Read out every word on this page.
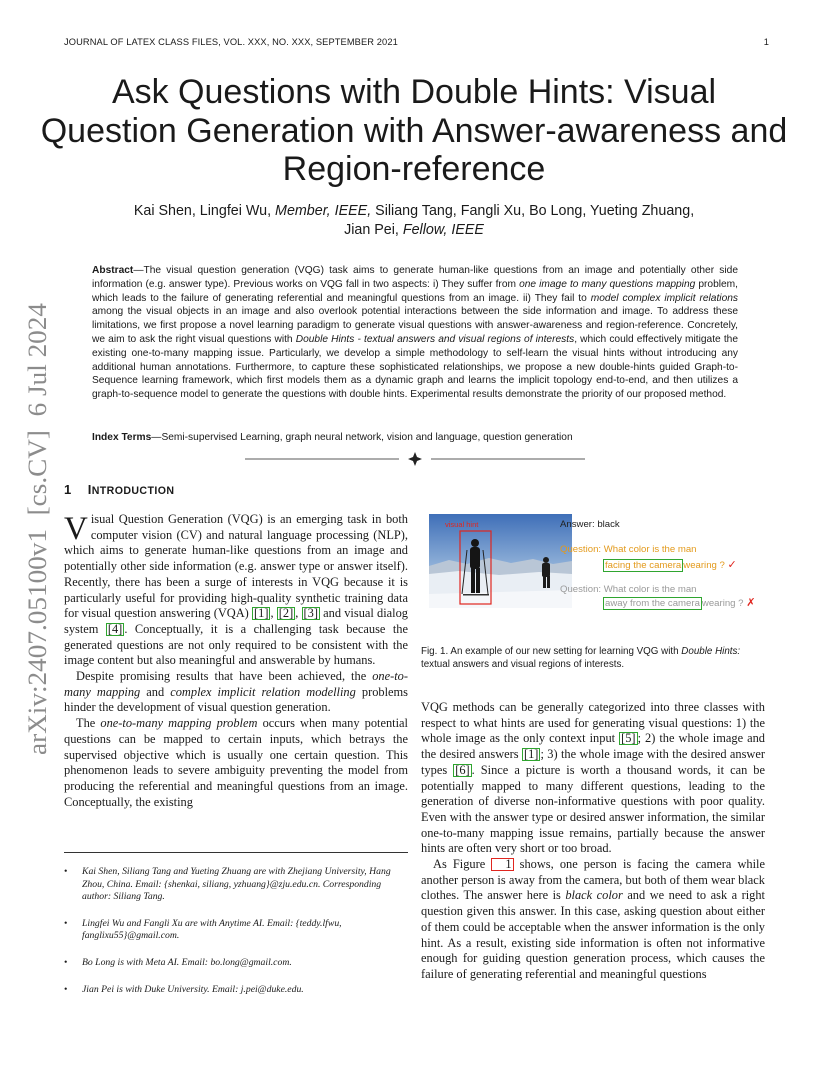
JOURNAL OF LATEX CLASS FILES, VOL. XXX, NO. XXX, SEPTEMBER 2021	1
Ask Questions with Double Hints: Visual Question Generation with Answer-awareness and Region-reference
Kai Shen, Lingfei Wu, Member, IEEE, Siliang Tang, Fangli Xu, Bo Long, Yueting Zhuang,
Jian Pei, Fellow, IEEE
Abstract—The visual question generation (VQG) task aims to generate human-like questions from an image and potentially other side information (e.g. answer type). Previous works on VQG fall in two aspects: i) They suffer from one image to many questions mapping problem, which leads to the failure of generating referential and meaningful questions from an image. ii) They fail to model complex implicit relations among the visual objects in an image and also overlook potential interactions between the side information and image. To address these limitations, we first propose a novel learning paradigm to generate visual questions with answer-awareness and region-reference. Concretely, we aim to ask the right visual questions with Double Hints - textual answers and visual regions of interests, which could effectively mitigate the existing one-to-many mapping issue. Particularly, we develop a simple methodology to self-learn the visual hints without introducing any additional human annotations. Furthermore, to capture these sophisticated relationships, we propose a new double-hints guided Graph-to-Sequence learning framework, which first models them as a dynamic graph and learns the implicit topology end-to-end, and then utilizes a graph-to-sequence model to generate the questions with double hints. Experimental results demonstrate the priority of our proposed method.
Index Terms—Semi-supervised Learning, graph neural network, vision and language, question generation
arXiv:2407.05100v1  [cs.CV]  6 Jul 2024 1 INTRODUCTION

Visual Question Generation (VQG) is an emerging task in both computer vision (CV) and natural language processing (NLP), which aims to generate human-like questions from an image and potentially other side information (e.g. answer type or answer itself). Recently, there has been a surge of interests in VQG because it is particularly useful for providing high-quality synthetic training data for visual question answering (VQA) [1] , [2] , [3] and visual dialog system [4] . Conceptually, it is a challenging task because the generated questions are not only required to be consistent with the image content but also meaningful and answerable by humans.

Despite promising results that have been achieved, the one-to-many mapping and complex implicit relation modelling problems hinder the development of visual question generation.

The one-to-many mapping problem occurs when many potential questions can be mapped to certain inputs, which betrays the supervised objective which is usually one certain question. This phenomenon leads to severe ambiguity preventing the model from producing the referential and meaningful questions from an image. Conceptually, the existing

• Kai Shen, Siliang Tang and Yueting Zhuang are with Zhejiang University, Hang Zhou, China. Email: {shenkai, siliang, yzhuang}@zju.edu.cn. Corresponding author: Siliang Tang.
• Lingfei Wu and Fangli Xu are with Anytime AI. Email: {teddy.lfwu, fanglixu55}@gmail.com.
• Bo Long is with Meta AI. Email: bo.long@gmail.com.
• Jian Pei is with Duke University. Email: j.pei@duke.edu.
visual hint	Answer: black
Question: What color is the man
facing the camera wearing ? ✓
Question: What color is the man
away from the camera wearing ? ✗
Fig. 1. An example of our new setting for learning VQG with Double Hints: textual answers and visual regions of interests.

VQG methods can be generally categorized into three classes with respect to what hints are used for generating visual questions: 1) the whole image as the only context input [5] ; 2) the whole image and the desired answers [1] ; 3) the whole image with the desired answer types [6] . Since a picture is worth a thousand words, it can be potentially mapped to many different questions, leading to the generation of diverse non-informative questions with poor quality. Even with the answer type or desired answer information, the similar one-to-many mapping issue remains, partially because the answer hints are often very short or too broad.

As Figure 1 shows, one person is facing the camera while another person is away from the camera, but both of them wear black clothes. The answer here is black color and we need to ask a right question given this answer. In this case, asking question about either of them could be acceptable when the answer information is the only hint. As a result, existing side information is often not informative enough for guiding question generation process, which causes the failure of generating referential and meaningful questions
